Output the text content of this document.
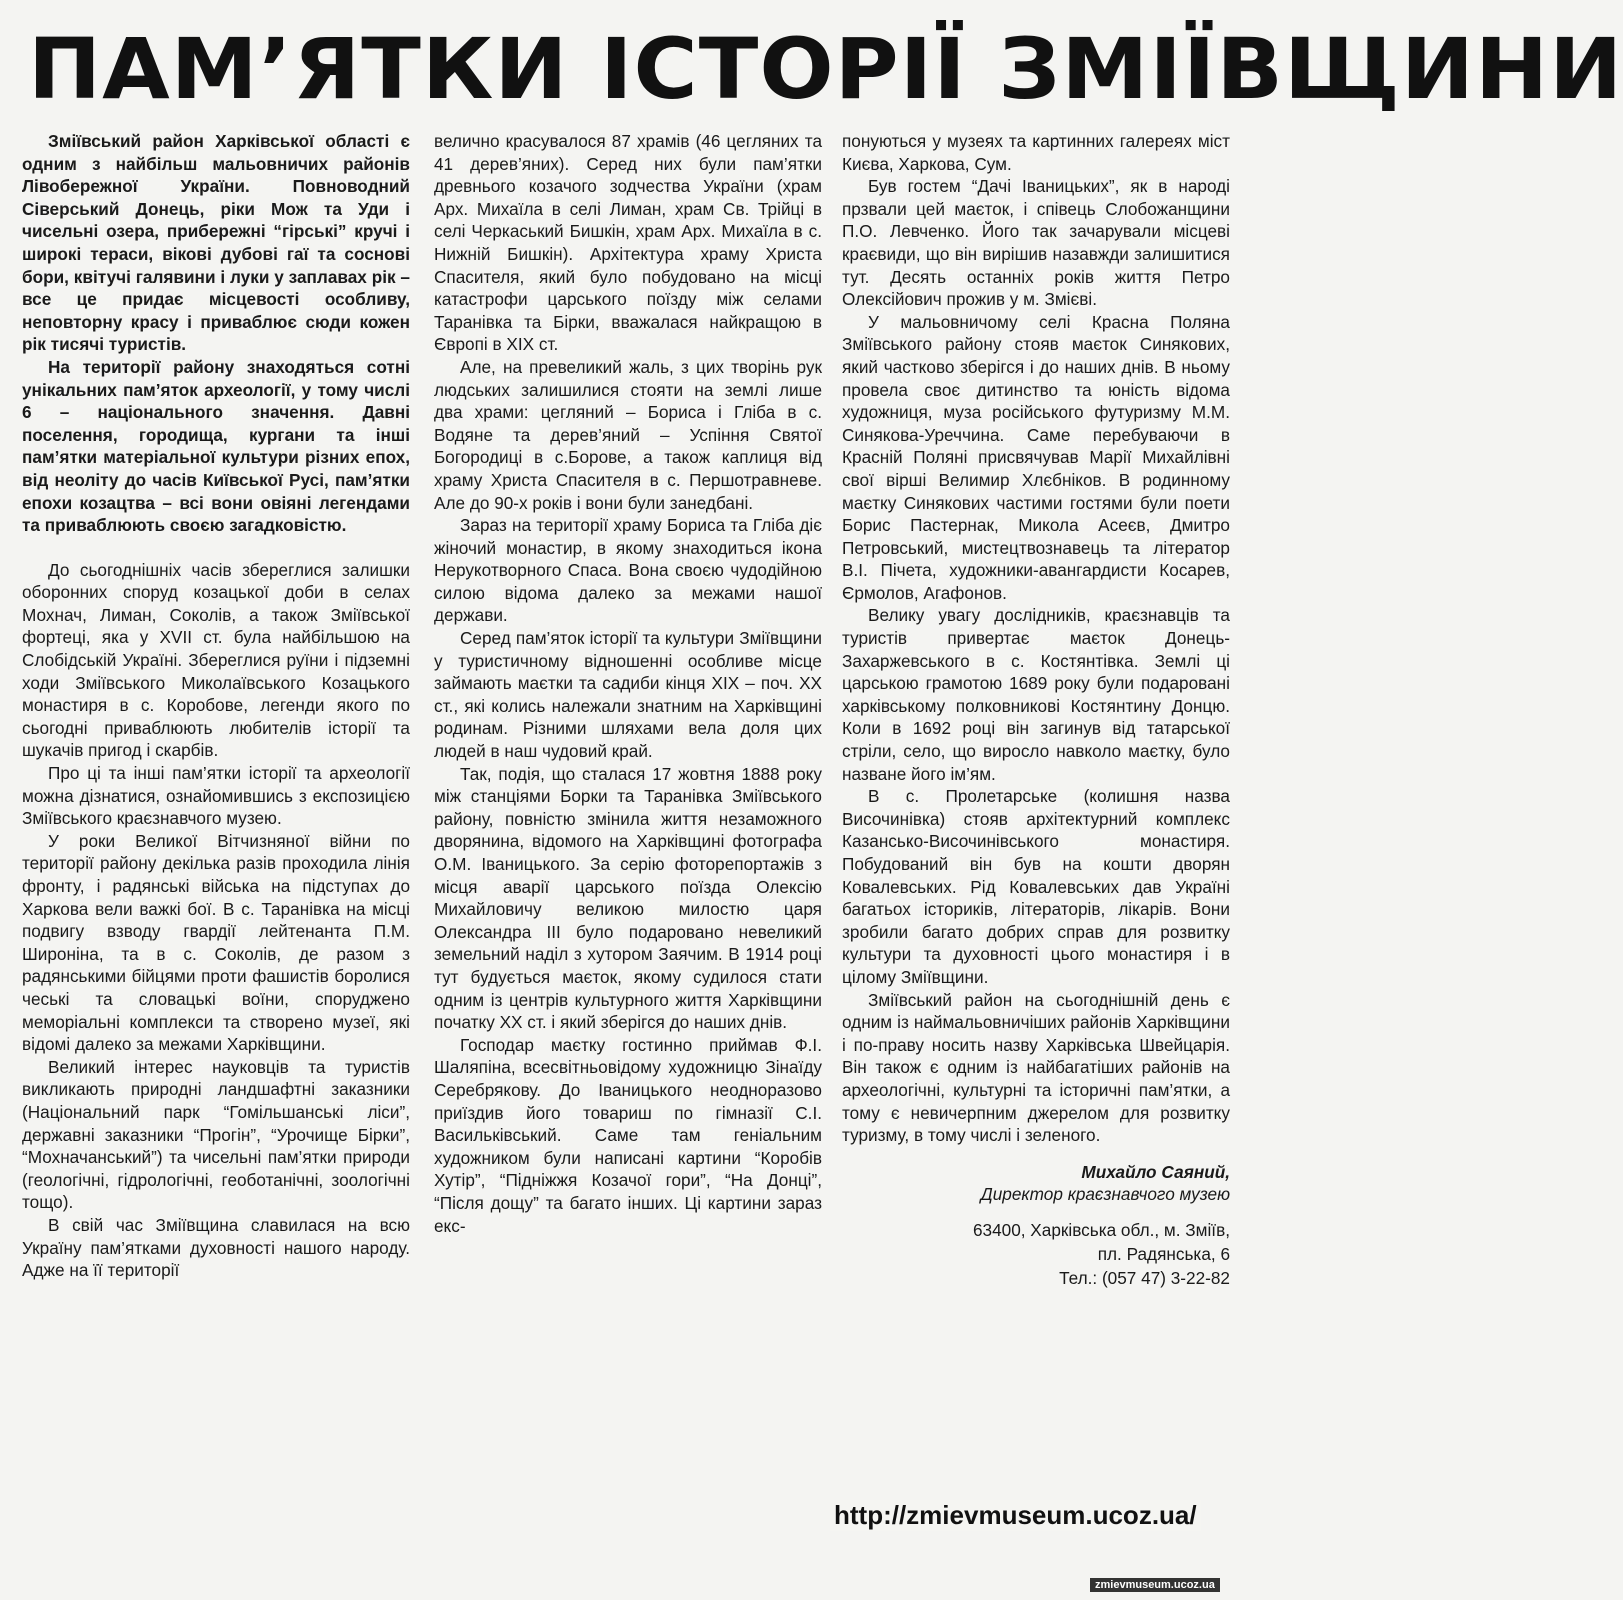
ПАМ’ЯТКИ ІСТОРІЇ ЗМІЇВЩИНИ

Зміївський район Харківської області є одним з найбільш мальовничих районів Лівобережної України. Повноводний Сіверський Донець, ріки Мож та Уди і чисельні озера, прибережні “гірські” кручі і широкі тераси, вікові дубові гаї та соснові бори, квітучі галявини і луки у заплавах рік – все це придає місцевості особливу, неповторну красу і приваблює сюди кожен рік тисячі туристів.

На території району знаходяться сотні унікальних пам’яток археології, у тому числі 6 – національного значення. Давні поселення, городища, кургани та інші пам’ятки матеріальної культури різних епох, від неоліту до часів Київської Русі, пам’ятки епохи козацтва – всі вони овіяні легендами та приваблюють своєю загадковістю.

До сьогоднішніх часів збереглися залишки оборонних споруд козацької доби в селах Мохнач, Лиман, Соколів, а також Зміївської фортеці, яка у XVII ст. була найбільшою на Слобідській Україні. Збереглися руїни і підземні ходи Зміївського Миколаївського Козацького монастиря в с. Коробове, легенди якого по сьогодні приваблюють любителів історії та шукачів пригод і скарбів.

Про ці та інші пам’ятки історії та археології можна дізнатися, ознайомившись з експозицією Зміївського краєзнавчого музею.

У роки Великої Вітчизняної війни по території району декілька разів проходила лінія фронту, і радянські війська на підступах до Харкова вели важкі бої. В с. Таранівка на місці подвигу взводу гвардії лейтенанта П.М. Широніна, та в с. Соколів, де разом з радянськими бійцями проти фашистів боролися чеські та словацькі воїни, споруджено меморіальні комплекси та створено музеї, які відомі далеко за межами Харківщини.

Великий інтерес науковців та туристів викликають природні ландшафтні заказники (Національний парк “Гомільшанські ліси”, державні заказники “Прогін”, “Урочище Бірки”, “Мохначанський”) та чисельні пам’ятки природи (геологічні, гідрологічні, геоботанічні, зоологічні тощо).

В свій час Зміївщина славилася на всю Україну пам’ятками духовності нашого народу. Адже на її території

велично красувалося 87 храмів (46 цегляних та 41 дерев’яних). Серед них були пам’ятки древнього козачого зодчества України (храм Арх. Михаїла в селі Лиман, храм Св. Трійці в селі Черкаський Бишкін, храм Арх. Михаїла в с. Нижній Бишкін). Архітектура храму Христа Спасителя, який було побудовано на місці катастрофи царського поїзду між селами Таранівка та Бірки, вважалася найкращою в Європі в XIX ст.

Але, на превеликий жаль, з цих творінь рук людських залишилися стояти на землі лише два храми: цегляний – Бориса і Гліба в с. Водяне та дерев’яний – Успіння Святої Богородиці в с.Борове, а також каплиця від храму Христа Спасителя в с. Першотравневе. Але до 90-х років і вони були занедбані.

Зараз на території храму Бориса та Гліба діє жіночий монастир, в якому знаходиться ікона Нерукотворного Спаса. Вона своєю чудодійною силою відома далеко за межами нашої держави.

Серед пам’яток історії та культури Зміївщини у туристичному відношенні особливе місце займають маєтки та садиби кінця XIX – поч. XX ст., які колись належали знатним на Харківщині родинам. Різними шляхами вела доля цих людей в наш чудовий край.

Так, подія, що сталася 17 жовтня 1888 року між станціями Борки та Таранівка Зміївського району, повністю змінила життя незаможного дворянина, відомого на Харківщині фотографа О.М. Іваницького. За серію фоторепортажів з місця аварії царського поїзда Олексію Михайловичу великою милостю царя Олександра III було подаровано невеликий земельний наділ з хутором Заячим. В 1914 році тут будується маєток, якому судилося стати одним із центрів культурного життя Харківщини початку XX ст. і який зберігся до наших днів.

Господар маєтку гостинно приймав Ф.І. Шаляпіна, всесвітньовідому художницю Зінаїду Серебрякову. До Іваницького неодноразово приїздив його товариш по гімназії С.І. Васильківський. Саме там геніальним художником були написані картини “Коробів Хутір”, “Підніжжя Козачої гори”, “На Донці”, “Після дощу” та багато інших. Ці картини зараз екс-

понуються у музеях та картинних галереях міст Києва, Харкова, Сум.

Був гостем “Дачі Іваницьких”, як в народі прзвали цей маєток, і співець Слобожанщини П.О. Левченко. Його так зачарували місцеві краєвиди, що він вирішив назавжди залишитися тут. Десять останніх років життя Петро Олексійович прожив у м. Змієві.

У мальовничому селі Красна Поляна Зміївського району стояв маєток Синякових, який частково зберігся і до наших днів. В ньому провела своє дитинство та юність відома художниця, муза російського футуризму М.М. Синякова-Уреччина. Саме перебуваючи в Красній Поляні присвячував Марії Михайлівні свої вірші Велимир Хлєбніков. В родинному маєтку Синякових частими гостями були поети Борис Пастернак, Микола Асеєв, Дмитро Петровський, мистецтвознавець та літератор В.І. Пічета, художники-авангардисти Косарев, Єрмолов, Агафонов.

Велику увагу дослідників, краєзнавців та туристів привертає маєток Донець-Захаржевського в с. Костянтівка. Землі ці царською грамотою 1689 року були подаровані харківському полковникові Костянтину Донцю. Коли в 1692 році він загинув від татарської стріли, село, що виросло навколо маєтку, було назване його ім’ям.

В с. Пролетарське (колишня назва Височинівка) стояв архітектурний комплекс Казансько-Височинівського монастиря. Побудований він був на кошти дворян Ковалевських. Рід Ковалевських дав Україні багатьох істориків, літераторів, лікарів. Вони зробили багато добрих справ для розвитку культури та духовності цього монастиря і в цілому Зміївщини.

Зміївський район на сьогоднішній день є одним із наймальовничіших районів Харківщини і по-праву носить назву Харківська Швейцарія. Він також є одним із найбагатіших районів на археологічні, культурні та історичні пам’ятки, а тому є невичерпним джерелом для розвитку туризму, в тому числі і зеленого.

Михайло Саяний,
Директор краєзнавчого музею
63400, Харківська обл., м. Зміїв,
пл. Радянська, 6
Тел.: (057 47) 3-22-82
http://zmievmuseum.ucoz.ua/
zmievmuseum.ucoz.ua
